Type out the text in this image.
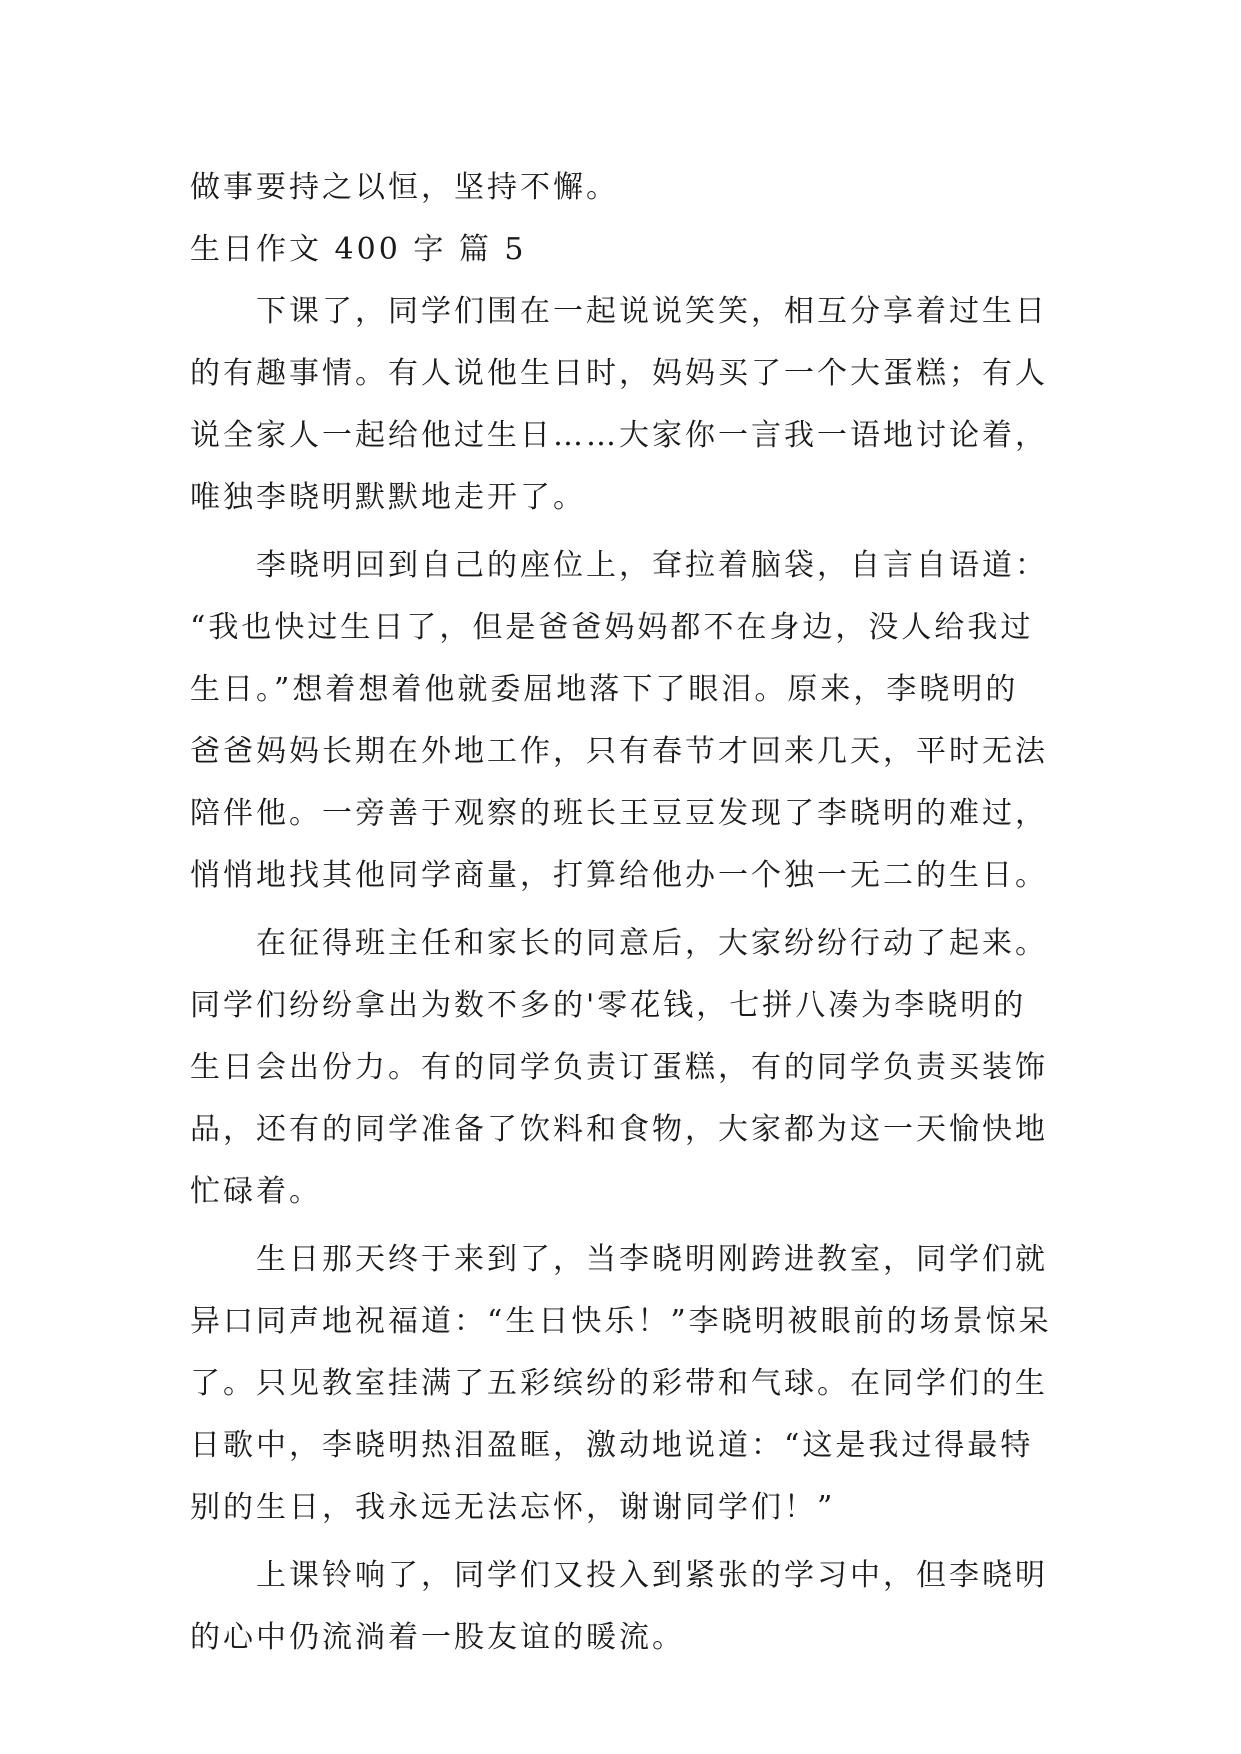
做事要持之以恒，坚持不懈。
生日作文 400 字 篇 5
下课了，同学们围在一起说说笑笑，相互分享着过生日
的有趣事情。有人说他生日时，妈妈买了一个大蛋糕；有人
说全家人一起给他过生日……大家你一言我一语地讨论着，
唯独李晓明默默地走开了。
李晓明回到自己的座位上，耷拉着脑袋，自言自语道：
“我也快过生日了，但是爸爸妈妈都不在身边，没人给我过
生日。”想着想着他就委屈地落下了眼泪。原来，李晓明的
爸爸妈妈长期在外地工作，只有春节才回来几天，平时无法
陪伴他。一旁善于观察的班长王豆豆发现了李晓明的难过，
悄悄地找其他同学商量，打算给他办一个独一无二的生日。
在征得班主任和家长的同意后，大家纷纷行动了起来。
同学们纷纷拿出为数不多的'零花钱，七拼八凑为李晓明的
生日会出份力。有的同学负责订蛋糕，有的同学负责买装饰
品，还有的同学准备了饮料和食物，大家都为这一天愉快地
忙碌着。
生日那天终于来到了，当李晓明刚跨进教室，同学们就
异口同声地祝福道：“生日快乐！”李晓明被眼前的场景惊呆
了。只见教室挂满了五彩缤纷的彩带和气球。在同学们的生
日歌中，李晓明热泪盈眶，激动地说道：“这是我过得最特
别的生日，我永远无法忘怀，谢谢同学们！”
上课铃响了，同学们又投入到紧张的学习中，但李晓明
的心中仍流淌着一股友谊的暖流。
